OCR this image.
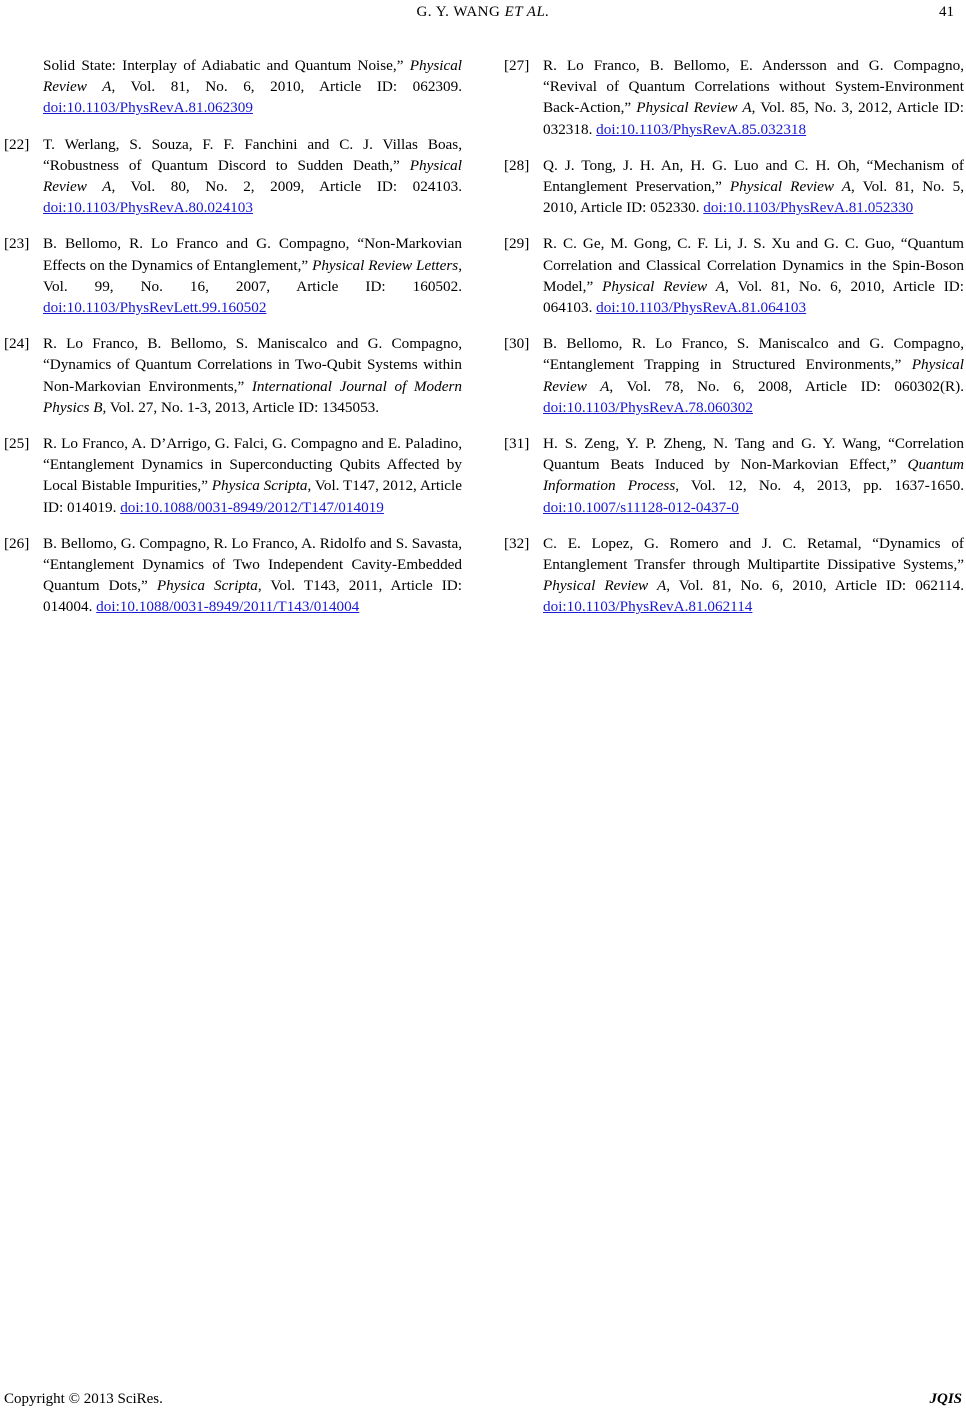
G. Y. WANG ET AL.	41
Solid State: Interplay of Adiabatic and Quantum Noise,” Physical Review A, Vol. 81, No. 6, 2010, Article ID: 062309. doi:10.1103/PhysRevA.81.062309
[22] T. Werlang, S. Souza, F. F. Fanchini and C. J. Villas Boas, “Robustness of Quantum Discord to Sudden Death,” Physical Review A, Vol. 80, No. 2, 2009, Article ID: 024103. doi:10.1103/PhysRevA.80.024103
[23] B. Bellomo, R. Lo Franco and G. Compagno, “Non-Markovian Effects on the Dynamics of Entanglement,” Physical Review Letters, Vol. 99, No. 16, 2007, Article ID: 160502. doi:10.1103/PhysRevLett.99.160502
[24] R. Lo Franco, B. Bellomo, S. Maniscalco and G. Compagno, “Dynamics of Quantum Correlations in Two-Qubit Systems within Non-Markovian Environments,” International Journal of Modern Physics B, Vol. 27, No. 1-3, 2013, Article ID: 1345053.
[25] R. Lo Franco, A. D’Arrigo, G. Falci, G. Compagno and E. Paladino, “Entanglement Dynamics in Superconducting Qubits Affected by Local Bistable Impurities,” Physica Scripta, Vol. T147, 2012, Article ID: 014019. doi:10.1088/0031-8949/2012/T147/014019
[26] B. Bellomo, G. Compagno, R. Lo Franco, A. Ridolfo and S. Savasta, “Entanglement Dynamics of Two Independent Cavity-Embedded Quantum Dots,” Physica Scripta, Vol. T143, 2011, Article ID: 014004. doi:10.1088/0031-8949/2011/T143/014004
[27] R. Lo Franco, B. Bellomo, E. Andersson and G. Compagno, “Revival of Quantum Correlations without System-Environment Back-Action,” Physical Review A, Vol. 85, No. 3, 2012, Article ID: 032318. doi:10.1103/PhysRevA.85.032318
[28] Q. J. Tong, J. H. An, H. G. Luo and C. H. Oh, “Mechanism of Entanglement Preservation,” Physical Review A, Vol. 81, No. 5, 2010, Article ID: 052330. doi:10.1103/PhysRevA.81.052330
[29] R. C. Ge, M. Gong, C. F. Li, J. S. Xu and G. C. Guo, “Quantum Correlation and Classical Correlation Dynamics in the Spin-Boson Model,” Physical Review A, Vol. 81, No. 6, 2010, Article ID: 064103. doi:10.1103/PhysRevA.81.064103
[30] B. Bellomo, R. Lo Franco, S. Maniscalco and G. Compagno, “Entanglement Trapping in Structured Environments,” Physical Review A, Vol. 78, No. 6, 2008, Article ID: 060302(R). doi:10.1103/PhysRevA.78.060302
[31] H. S. Zeng, Y. P. Zheng, N. Tang and G. Y. Wang, “Correlation Quantum Beats Induced by Non-Markovian Effect,” Quantum Information Process, Vol. 12, No. 4, 2013, pp. 1637-1650. doi:10.1007/s11128-012-0437-0
[32] C. E. Lopez, G. Romero and J. C. Retamal, “Dynamics of Entanglement Transfer through Multipartite Dissipative Systems,” Physical Review A, Vol. 81, No. 6, 2010, Article ID: 062114. doi:10.1103/PhysRevA.81.062114
Copyright © 2013 SciRes.	JQIS
